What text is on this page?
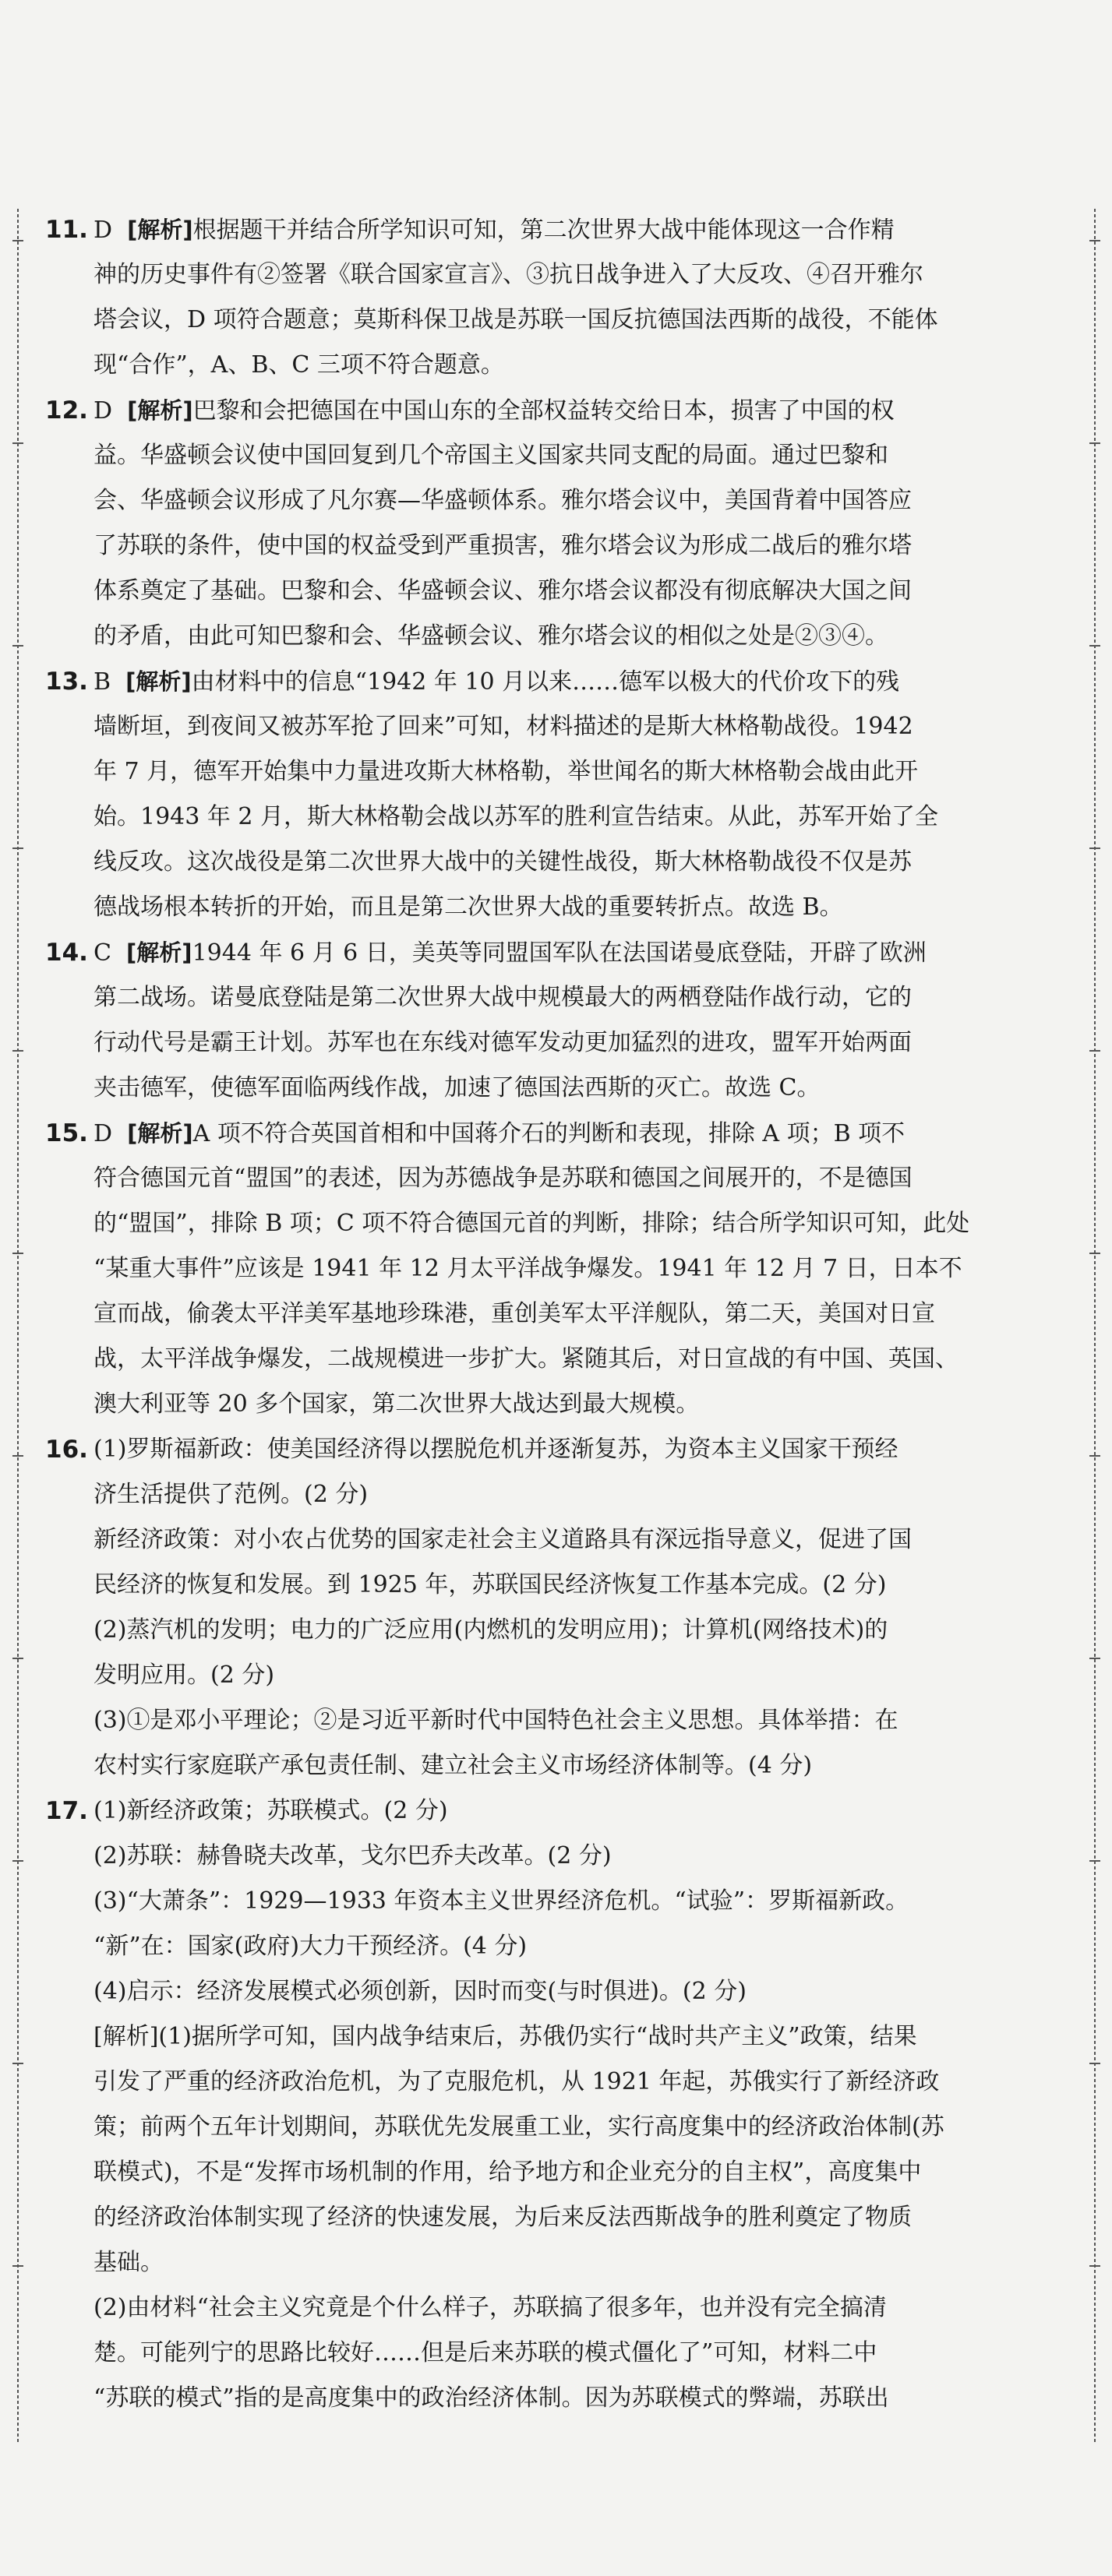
11. D [解析]根据题干并结合所学知识可知，第二次世界大战中能体现这一合作精
神的历史事件有②签署《联合国家宣言》、③抗日战争进入了大反攻、④召开雅尔
塔会议，D 项符合题意；莫斯科保卫战是苏联一国反抗德国法西斯的战役，不能体
现“合作”，A、B、C 三项不符合题意。
12. D [解析]巴黎和会把德国在中国山东的全部权益转交给日本，损害了中国的权
益。华盛顿会议使中国回复到几个帝国主义国家共同支配的局面。通过巴黎和
会、华盛顿会议形成了凡尔赛—华盛顿体系。雅尔塔会议中，美国背着中国答应
了苏联的条件，使中国的权益受到严重损害，雅尔塔会议为形成二战后的雅尔塔
体系奠定了基础。巴黎和会、华盛顿会议、雅尔塔会议都没有彻底解决大国之间
的矛盾，由此可知巴黎和会、华盛顿会议、雅尔塔会议的相似之处是②③④。
13. B [解析]由材料中的信息“1942 年 10 月以来……德军以极大的代价攻下的残
墙断垣，到夜间又被苏军抢了回来”可知，材料描述的是斯大林格勒战役。1942
年 7 月，德军开始集中力量进攻斯大林格勒，举世闻名的斯大林格勒会战由此开
始。1943 年 2 月，斯大林格勒会战以苏军的胜利宣告结束。从此，苏军开始了全
线反攻。这次战役是第二次世界大战中的关键性战役，斯大林格勒战役不仅是苏
德战场根本转折的开始，而且是第二次世界大战的重要转折点。故选 B。
14. C [解析]1944 年 6 月 6 日，美英等同盟国军队在法国诺曼底登陆，开辟了欧洲
第二战场。诺曼底登陆是第二次世界大战中规模最大的两栖登陆作战行动，它的
行动代号是霸王计划。苏军也在东线对德军发动更加猛烈的进攻，盟军开始两面
夹击德军，使德军面临两线作战，加速了德国法西斯的灭亡。故选 C。
15. D [解析]A 项不符合英国首相和中国蒋介石的判断和表现，排除 A 项；B 项不
符合德国元首“盟国”的表述，因为苏德战争是苏联和德国之间展开的，不是德国
的“盟国”，排除 B 项；C 项不符合德国元首的判断，排除；结合所学知识可知，此处
“某重大事件”应该是 1941 年 12 月太平洋战争爆发。1941 年 12 月 7 日，日本不
宣而战，偷袭太平洋美军基地珍珠港，重创美军太平洋舰队，第二天，美国对日宣
战，太平洋战争爆发，二战规模进一步扩大。紧随其后，对日宣战的有中国、英国、
澳大利亚等 20 多个国家，第二次世界大战达到最大规模。
16. (1)罗斯福新政：使美国经济得以摆脱危机并逐渐复苏，为资本主义国家干预经
济生活提供了范例。(2 分)
新经济政策：对小农占优势的国家走社会主义道路具有深远指导意义，促进了国
民经济的恢复和发展。到 1925 年，苏联国民经济恢复工作基本完成。(2 分)
(2)蒸汽机的发明；电力的广泛应用(内燃机的发明应用)；计算机(网络技术)的
发明应用。(2 分)
(3)①是邓小平理论；②是习近平新时代中国特色社会主义思想。具体举措：在
农村实行家庭联产承包责任制、建立社会主义市场经济体制等。(4 分)
17. (1)新经济政策；苏联模式。(2 分)
(2)苏联：赫鲁晓夫改革，戈尔巴乔夫改革。(2 分)
(3)“大萧条”：1929—1933 年资本主义世界经济危机。“试验”：罗斯福新政。
“新”在：国家(政府)大力干预经济。(4 分)
(4)启示：经济发展模式必须创新，因时而变(与时俱进)。(2 分)
[解析](1)据所学可知，国内战争结束后，苏俄仍实行“战时共产主义”政策，结果
引发了严重的经济政治危机，为了克服危机，从 1921 年起，苏俄实行了新经济政
策；前两个五年计划期间，苏联优先发展重工业，实行高度集中的经济政治体制(苏
联模式)，不是“发挥市场机制的作用，给予地方和企业充分的自主权”，高度集中
的经济政治体制实现了经济的快速发展，为后来反法西斯战争的胜利奠定了物质
基础。
(2)由材料“社会主义究竟是个什么样子，苏联搞了很多年，也并没有完全搞清
楚。可能列宁的思路比较好……但是后来苏联的模式僵化了”可知，材料二中
“苏联的模式”指的是高度集中的政治经济体制。因为苏联模式的弊端，苏联出
